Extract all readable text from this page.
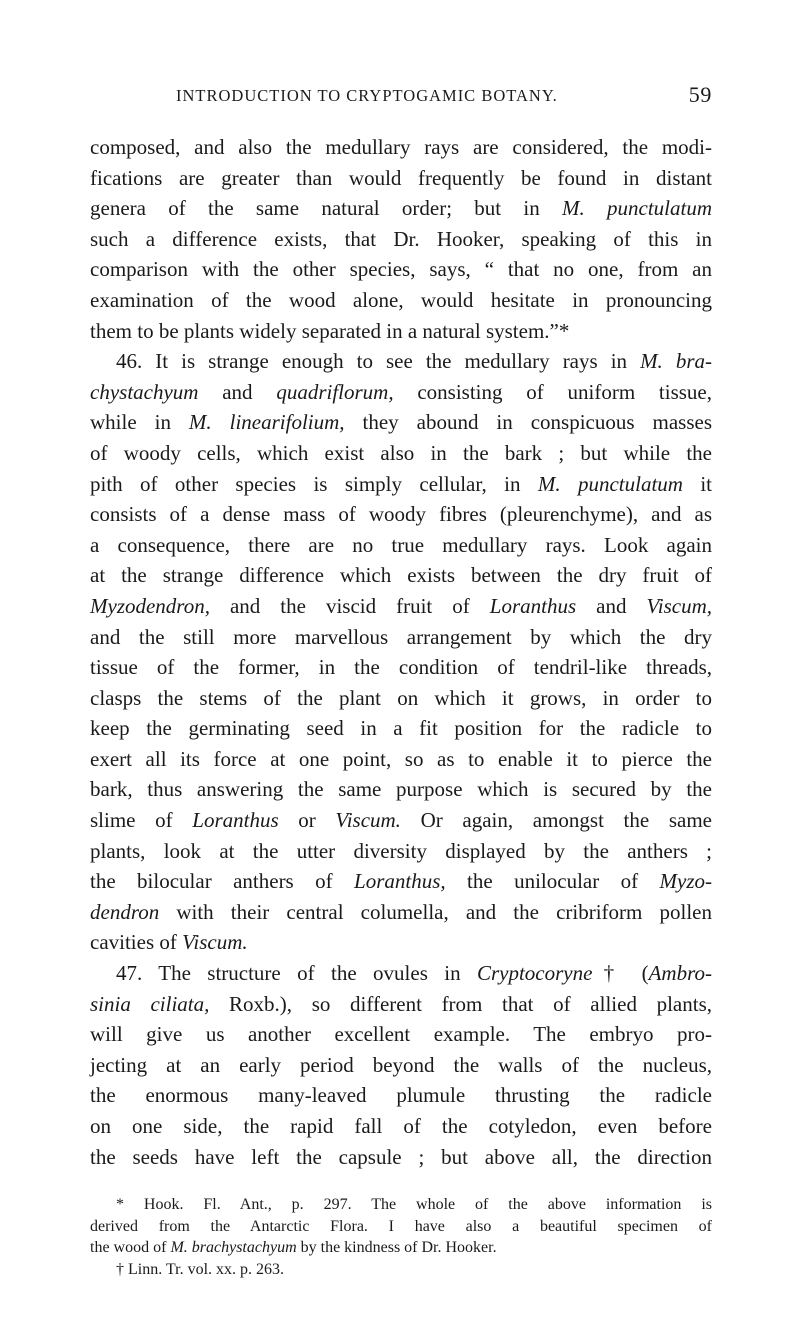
INTRODUCTION TO CRYPTOGAMIC BOTANY.	59
composed, and also the medullary rays are considered, the modi-
fications are greater than would frequently be found in distant
genera of the same natural order; but in M. punctulatum
such a difference exists, that Dr. Hooker, speaking of this in
comparison with the other species, says, “ that no one, from an
examination of the wood alone, would hesitate in pronouncing
them to be plants widely separated in a natural system.”*
46. It is strange enough to see the medullary rays in M. bra-
chystachyum and quadriflorum, consisting of uniform tissue,
while in M. linearifolium, they abound in conspicuous masses
of woody cells, which exist also in the bark ; but while the
pith of other species is simply cellular, in M. punctulatum it
consists of a dense mass of woody fibres (pleurenchyme), and as
a consequence, there are no true medullary rays. Look again
at the strange difference which exists between the dry fruit of
Myzodendron, and the viscid fruit of Loranthus and Viscum,
and the still more marvellous arrangement by which the dry
tissue of the former, in the condition of tendril-like threads,
clasps the stems of the plant on which it grows, in order to
keep the germinating seed in a fit position for the radicle to
exert all its force at one point, so as to enable it to pierce the
bark, thus answering the same purpose which is secured by the
slime of Loranthus or Viscum. Or again, amongst the same
plants, look at the utter diversity displayed by the anthers ;
the bilocular anthers of Loranthus, the unilocular of Myzo-
dendron with their central columella, and the cribriform pollen
cavities of Viscum.
47. The structure of the ovules in Cryptocoryne† (Ambro-
sinia ciliata, Roxb.), so different from that of allied plants,
will give us another excellent example. The embryo pro-
jecting at an early period beyond the walls of the nucleus,
the enormous many-leaved plumule thrusting the radicle
on one side, the rapid fall of the cotyledon, even before
the seeds have left the capsule ; but above all, the direction
* Hook. Fl. Ant., p. 297. The whole of the above information is
derived from the Antarctic Flora. I have also a beautiful specimen of
the wood of M. brachystachyum by the kindness of Dr. Hooker.
† Linn. Tr. vol. xx. p. 263.
